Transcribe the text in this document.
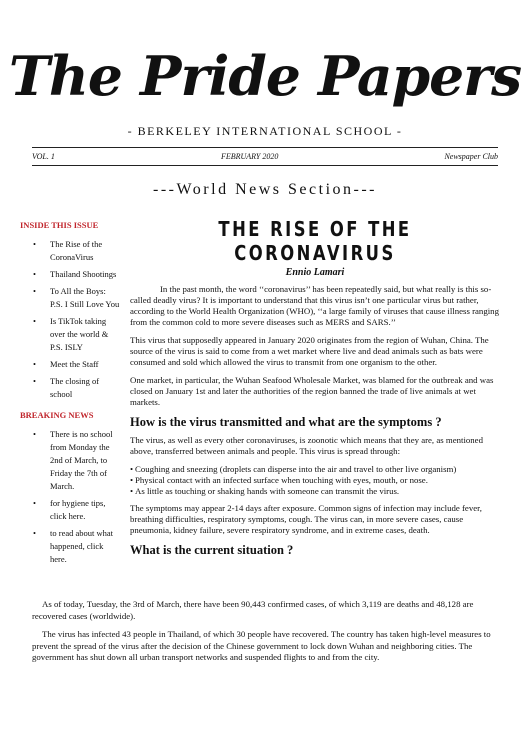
The Pride Papers
- BERKELEY INTERNATIONAL SCHOOL -
VOL. 1	FEBRUARY 2020	Newspaper Club
---World News Section---
INSIDE THIS ISSUE
• The Rise of the CoronaVirus
• Thailand Shootings
• To All the Boys: P.S. I Still Love You
• Is TikTok taking over the world & P.S. ISLY
• Meet the Staff
• The closing of school
BREAKING NEWS
• There is no school from Monday the 2nd of March, to Friday the 7th of March.
• for hygiene tips, click here.
• to read about what happened, click here.
THE RISE OF THE CORONAVIRUS
Ennio Lamari

In the past month, the word ‘‘coronavirus’’ has been repeatedly said, but what really is this so-called deadly virus? It is important to understand that this virus isn’t one particular virus but rather, according to the World Health Organization (WHO), ‘‘a large family of viruses that cause illness ranging from the common cold to more severe diseases such as MERS and SARS.’’

This virus that supposedly appeared in January 2020 originates from the region of Wuhan, China. The source of the virus is said to come from a wet market where live and dead animals such as bats were consumed and sold which allowed the virus to transmit from one organism to the other.

One market, in particular, the Wuhan Seafood Wholesale Market, was blamed for the outbreak and was closed on January 1st and later the authorities of the region banned the trade of live animals at wet markets.

How is the virus transmitted and what are the symptoms ?

The virus, as well as every other coronaviruses, is zoonotic which means that they are, as mentioned above, transferred between animals and people. This virus is spread through:

• Coughing and sneezing (droplets can disperse into the air and travel to other live organism)
• Physical contact with an infected surface when touching with eyes, mouth, or nose.
• As little as touching or shaking hands with someone can transmit the virus.

The symptoms may appear 2-14 days after exposure. Common signs of infection may include fever, breathing difficulties, respiratory symptoms, cough. The virus can, in more severe cases, cause pneumonia, kidney failure, severe respiratory syndrome, and in extreme cases, death.

What is the current situation ?

As of today, Tuesday, the 3rd of March, there have been 90,443 confirmed cases, of which 3,119 are deaths and 48,128 are recovered cases (worldwide).

The virus has infected 43 people in Thailand, of which 30 people have recovered. The country has taken high-level measures to prevent the spread of the virus after the decision of the Chinese government to lock down Wuhan and neighboring cities. The government has shut down all urban transport networks and suspended flights to and from the city.
